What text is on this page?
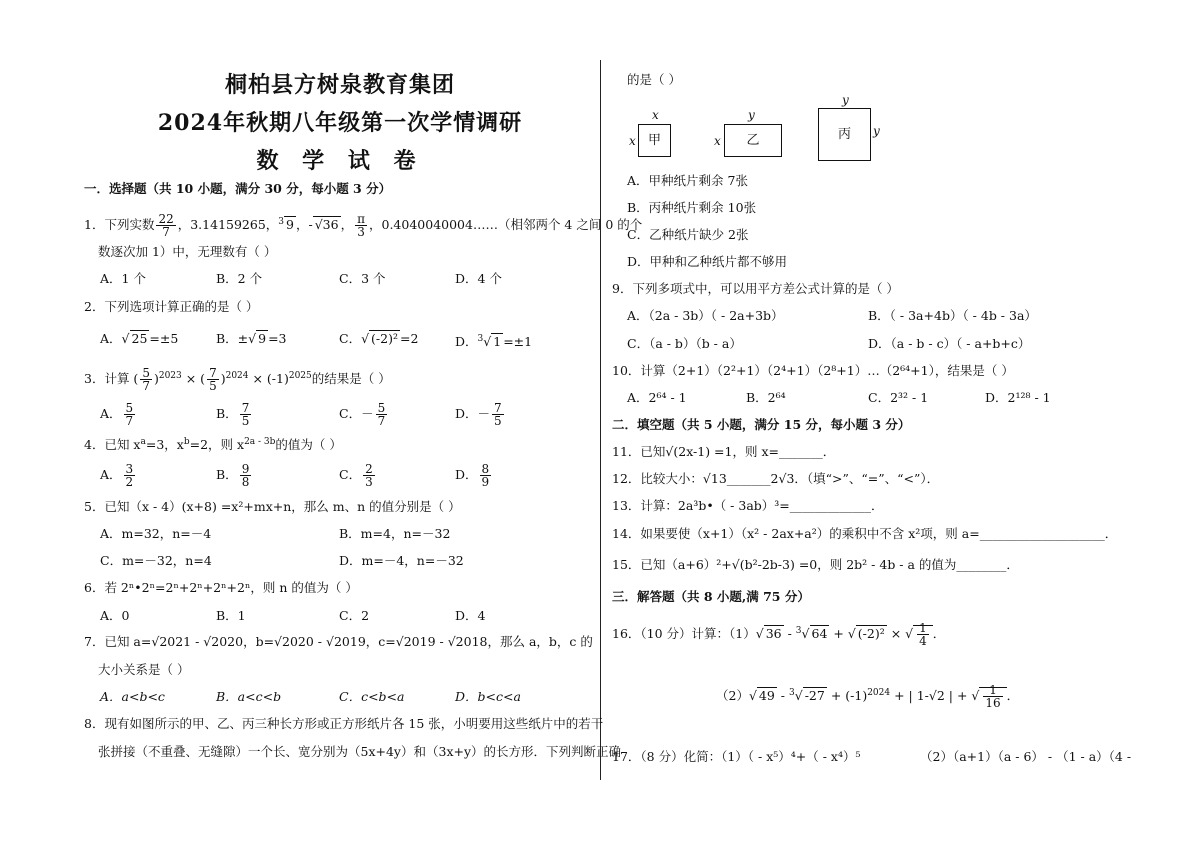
桐柏县方树泉教育集团
2024年秋期八年级第一次学情调研
数 学 试 卷
一．选择题（共 10 小题，满分 30 分，每小题 3 分）
1．下列实数 $\frac{22}{7}$ ，3.14159265，$^3$ 9 ，- √36 ， $\frac{\pi}{3}$ ，0.4040040004……（相邻两个 4 之间 0 的个
数逐次加 1）中，无理数有（ ）
A．1 个	B．2 个	C．3 个	D．4 个
2．下列选项计算正确的是（ ）
A．√ 25 =±5	B．±√ 9 =3	C．√ (-2)² =2	D．$^3$√ 1 =±1
3．计算 ( $\frac{5}{7} )^{2023}$ × ( $\frac{7}{5} )^{2024} \times (-1)^{2025}$的结果是（ ）
A． $\frac{5}{7}$	B． $\frac{7}{5}$	C．－ $\frac{5}{7}$	D．－ $\frac{7}{5}$
4．已知 $x^a=3$，$x^b=2$，则 $x^{2a - 3b}$的值为（ ）
A． $\frac{3}{2}$	B． $\frac{9}{8}$	C． $\frac{2}{3}$	D． $\frac{8}{9}$
5．已知（x - 4）(x+8) =x²+mx+n，那么 m、n 的值分别是（ ）
A．m=32，n=－4	B．m=4，n=－32
C．m=－32，n=4	D．m=－4，n=－32
6．若 2ⁿ•2ⁿ=2ⁿ+2ⁿ+2ⁿ+2ⁿ，则 n 的值为（ ）
A．0	B．1	C．2	D．4
7．已知 a=√2021 - √2020，b=√2020 - √2019，c=√2019 - √2018，那么 a，b，c 的
大小关系是（ ）
A．a<b<c	B．a<c<b	C．c<b<a	D．b<c<a
8．现有如图所示的甲、乙、丙三种长方形或正方形纸片各 15 张，小明要用这些纸片中的若干
张拼接（不重叠、无缝隙）一个长、宽分别为（5x+4y）和（3x+y）的长方形．下列判断正确
的是（ ）
x
x 甲
y
x	乙
y
y
丙
A．甲种纸片剩余 7张
B．丙种纸片剩余 10张
C．乙种纸片缺少 2张
D．甲种和乙种纸片都不够用
9．下列多项式中，可以用平方差公式计算的是（ ）
A．（2a - 3b）（ - 2a+3b）	B．（ - 3a+4b）（ - 4b - 3a）
C．（a - b）（b - a）	D．（a - b - c）（ - a+b+c）
10．计算（2+1）（2²+1）（2⁴+1）（2⁸+1）…（2⁶⁴+1），结果是（ ）
A．2⁶⁴ - 1	B．2⁶⁴	C．2³² - 1	D．2¹²⁸ - 1
二．填空题（共 5 小题，满分 15 分，每小题 3 分）
11．已知√(2x-1) =1，则 x=_______．
12．比较大小：√13_______2√3．（填“>”、“=”、“<”）．
13．计算：2a³b•（ - 3ab）³=_____________．
14．如果要使（x+1）（x² - 2ax+a²）的乘积中不含 x²项，则 a=____________________．
15．已知（a+6）²+√(b²-2b-3) =0，则 2b² - 4b - a 的值为________．
三．解答题（共 8 小题,满 75 分）
16．（10 分）计算：（1）√ 36 - $^3$√ 64 + √ (-2)² × √ $\frac{1}{4}$ ．
（2）√ 49 - $^3$√ $-27 + (-1)^{2024}$ + | 1-√2 | + √ $\frac{1}{16}$ ．
17．（8 分）化简：（1）（ - x⁵）⁴+（ - x⁴）⁵	（2）（a+1）（a - 6） - （1 - a）（4 -
